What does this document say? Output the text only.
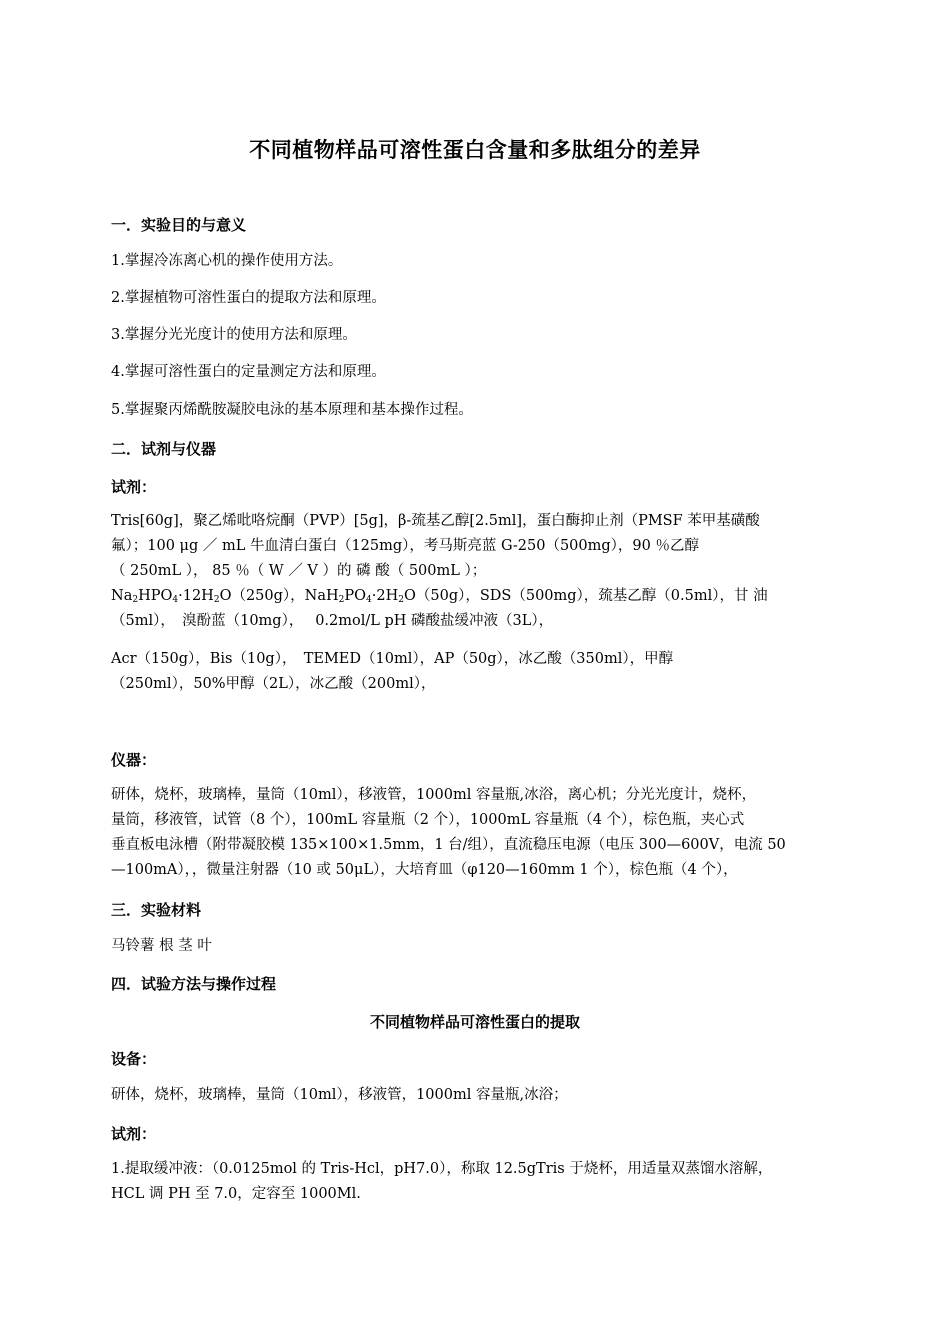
不同植物样品可溶性蛋白含量和多肽组分的差异
一．实验目的与意义
1.掌握冷冻离心机的操作使用方法。
2.掌握植物可溶性蛋白的提取方法和原理。
3.掌握分光光度计的使用方法和原理。
4.掌握可溶性蛋白的定量测定方法和原理。
5.掌握聚丙烯酰胺凝胶电泳的基本原理和基本操作过程。
二．试剂与仪器
试剂：
Tris[60g]，聚乙烯吡咯烷酮（PVP）[5g]，β-巯基乙醇[2.5ml]，蛋白酶抑止剂（PMSF 苯甲基磺酸
氟）；100 μg ／ mL 牛血清白蛋白（125mg），考马斯亮蓝 G-250（500mg），90 ％乙醇
（ 250mL ）， 85 ％（ W ／ V ）的 磷 酸（ 500mL ）；
$Na_2HPO_4\cdot 12H_2O(250g)$，$NaH_2PO_4\cdot 2H_2O(50g)$，SDS（500mg），巯基乙醇（0.5ml），甘 油
（5ml），　溴酚蓝（10mg），　 0.2mol/L pH 磷酸盐缓冲液（3L），
Acr（150g），Bis（10g），　TEMED（10ml），AP（50g），冰乙酸（350ml），甲醇
（250ml），50%甲醇（2L），冰乙酸（200ml），
仪器：
研体，烧杯，玻璃棒，量筒（10ml），移液管，1000ml 容量瓶,冰浴，离心机；分光光度计，烧杯，
量筒，移液管，试管（8 个），100mL 容量瓶（2 个），1000mL 容量瓶（4 个），棕色瓶，夹心式
垂直板电泳槽（附带凝胶模 135×100×1.5mm，1 台/组），直流稳压电源（电压 300—600V，电流 50
—100mA），，微量注射器（10 或 50μL），大培育皿（φ120—160mm 1 个），棕色瓶（4 个），
三．实验材料
马铃薯 根 茎 叶
四．试验方法与操作过程
不同植物样品可溶性蛋白的提取
设备：
研体，烧杯，玻璃棒，量筒（10ml），移液管，1000ml 容量瓶,冰浴；
试剂：
1.提取缓冲液：（0.0125mol 的 Tris-Hcl，pH7.0），称取 12.5gTris 于烧杯，用适量双蒸馏水溶解，
HCL 调 PH 至 7.0，定容至 1000Ml.
